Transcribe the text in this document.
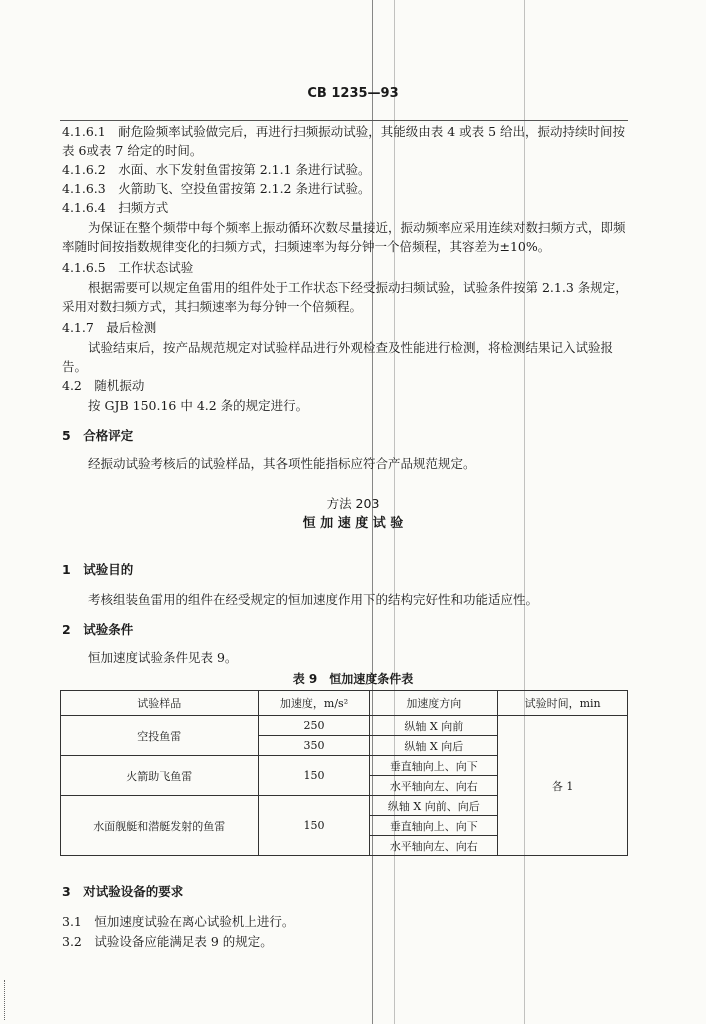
CB 1235—93
4.1.6.1　耐危险频率试验做完后，再进行扫频振动试验，其能级由表 4 或表 5 给出，振动持续时间按
表 6或表 7 给定的时间。
4.1.6.2　水面、水下发射鱼雷按第 2.1.1 条进行试验。
4.1.6.3　火箭助飞、空投鱼雷按第 2.1.2 条进行试验。
4.1.6.4　扫频方式
为保证在整个频带中每个频率上振动循环次数尽量接近，振动频率应采用连续对数扫频方式，即频
率随时间按指数规律变化的扫频方式，扫频速率为每分钟一个倍频程，其容差为±10%。
4.1.6.5　工作状态试验
根据需要可以规定鱼雷用的组件处于工作状态下经受振动扫频试验，试验条件按第 2.1.3 条规定，
采用对数扫频方式，其扫频速率为每分钟一个倍频程。
4.1.7　最后检测
试验结束后，按产品规范规定对试验样品进行外观检查及性能进行检测，将检测结果记入试验报
告。
4.2　随机振动
按 GJB 150.16 中 4.2 条的规定进行。
5　合格评定
经振动试验考核后的试验样品，其各项性能指标应符合产品规范规定。
方法 203
恒 加 速 度 试 验
1　试验目的
考核组装鱼雷用的组件在经受规定的恒加速度作用下的结构完好性和功能适应性。
2　试验条件
恒加速度试验条件见表 9。
表 9　恒加速度条件表
试验样品	加速度，m/s²	加速度方向	试验时间，min
空投鱼雷	250	纵轴 X 向前	各 1
	350	纵轴 X 向后	
火箭助飞鱼雷	150	垂直轴向上、向下	
		水平轴向左、向右	
水面舰艇和潜艇发射的鱼雷	150	纵轴 X 向前、向后	
		垂直轴向上、向下	
		水平轴向左、向右	
3　对试验设备的要求
3.1　恒加速度试验在离心试验机上进行。
3.2　试验设备应能满足表 9 的规定。
